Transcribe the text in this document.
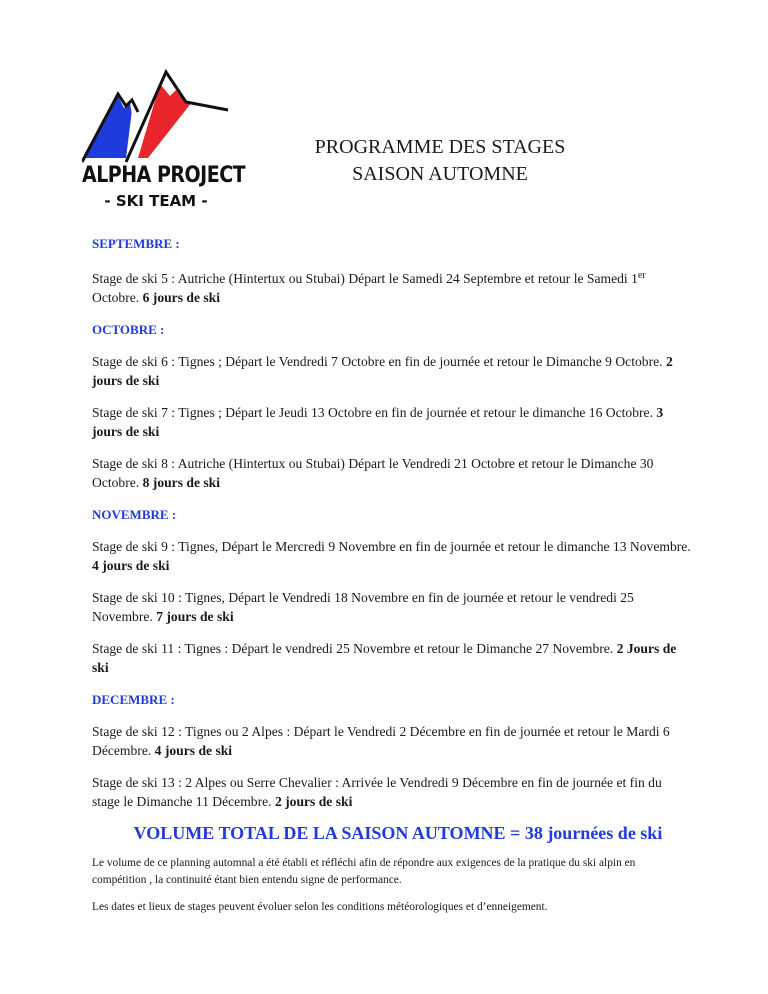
ALPHA PROJECT
- SKI TEAM -
PROGRAMME DES STAGES
SAISON AUTOMNE
SEPTEMBRE :
Stage de ski 5 : Autriche (Hintertux ou Stubai) Départ le Samedi 24 Septembre et retour le Samedi 1er Octobre. 6 jours de ski
OCTOBRE :
Stage de ski 6 : Tignes ; Départ le Vendredi 7 Octobre en fin de journée et retour le Dimanche 9 Octobre. 2 jours de ski
Stage de ski 7 : Tignes ; Départ le Jeudi 13 Octobre en fin de journée et retour le dimanche 16 Octobre. 3 jours de ski
Stage de ski 8 : Autriche (Hintertux ou Stubai) Départ le Vendredi 21 Octobre et retour le Dimanche 30 Octobre. 8 jours de ski
NOVEMBRE :
Stage de ski 9 : Tignes, Départ le Mercredi 9 Novembre en fin de journée et retour le dimanche 13 Novembre. 4 jours de ski
Stage de ski 10 : Tignes, Départ le Vendredi 18 Novembre en fin de journée et retour le vendredi 25 Novembre. 7 jours de ski
Stage de ski 11 : Tignes : Départ le vendredi 25 Novembre et retour le Dimanche 27 Novembre. 2 Jours de ski
DECEMBRE :
Stage de ski 12 : Tignes ou 2 Alpes : Départ le Vendredi 2 Décembre en fin de journée et retour le Mardi 6 Décembre. 4 jours de ski
Stage de ski 13 : 2 Alpes ou Serre Chevalier : Arrivée le Vendredi 9 Décembre en fin de journée et fin du stage le Dimanche 11 Décembre. 2 jours de ski
VOLUME TOTAL DE LA SAISON AUTOMNE = 38 journées de ski
Le volume de ce planning automnal a été établi et réfléchi afin de répondre aux exigences de la pratique du ski alpin en compétition , la continuité étant bien entendu signe de performance.
Les dates et lieux de stages peuvent évoluer selon les conditions météorologiques et d’enneigement.
